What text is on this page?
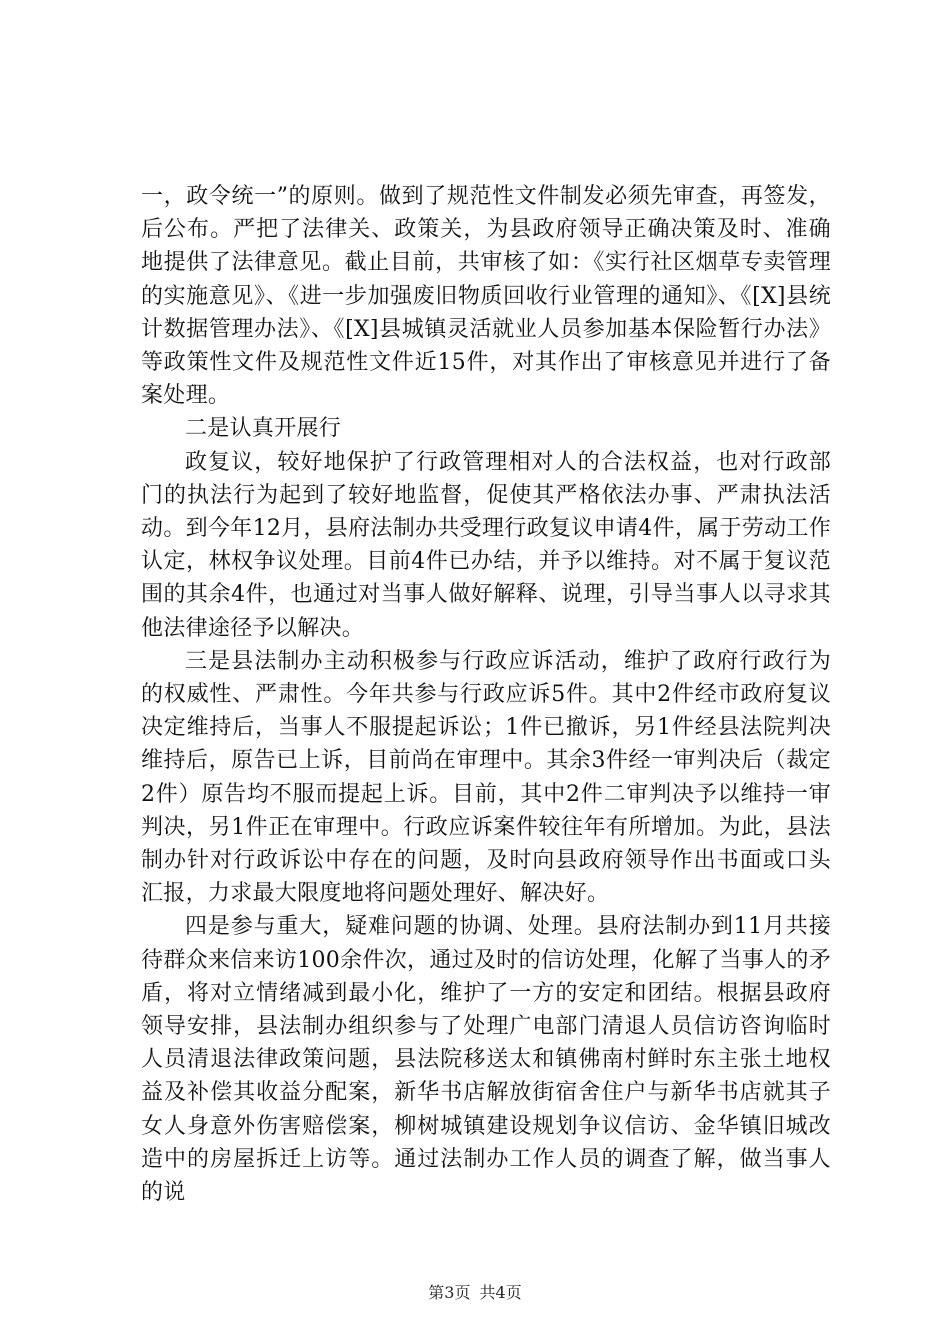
一，政令统一”的原则。做到了规范性文件制发必须先审查，再签发，后公布。严把了法律关、政策关，为县政府领导正确决策及时、准确地提供了法律意见。截止目前，共审核了如：《实行社区烟草专卖管理的实施意见》、《进一步加强废旧物质回收行业管理的通知》、《[X]县统计数据管理办法》、《[X]县城镇灵活就业人员参加基本保险暂行办法》等政策性文件及规范性文件近15件，对其作出了审核意见并进行了备案处理。

二是认真开展行

政复议，较好地保护了行政管理相对人的合法权益，也对行政部门的执法行为起到了较好地监督，促使其严格依法办事、严肃执法活动。到今年12月，县府法制办共受理行政复议申请4件，属于劳动工作认定，林权争议处理。目前4件已办结，并予以维持。对不属于复议范围的其余4件，也通过对当事人做好解释、说理，引导当事人以寻求其他法律途径予以解决。

三是县法制办主动积极参与行政应诉活动，维护了政府行政行为的权威性、严肃性。今年共参与行政应诉5件。其中2件经市政府复议决定维持后，当事人不服提起诉讼；1件已撤诉，另1件经县法院判决维持后，原告已上诉，目前尚在审理中。其余3件经一审判决后（裁定2件）原告均不服而提起上诉。目前，其中2件二审判决予以维持一审判决，另1件正在审理中。行政应诉案件较往年有所增加。为此，县法制办针对行政诉讼中存在的问题，及时向县政府领导作出书面或口头汇报，力求最大限度地将问题处理好、解决好。

四是参与重大，疑难问题的协调、处理。县府法制办到11月共接待群众来信来访100余件次，通过及时的信访处理，化解了当事人的矛盾，将对立情绪减到最小化，维护了一方的安定和团结。根据县政府领导安排，县法制办组织参与了处理广电部门清退人员信访咨询临时人员清退法律政策问题，县法院移送太和镇佛南村鲜时东主张土地权益及补偿其收益分配案，新华书店解放街宿舍住户与新华书店就其子女人身意外伤害赔偿案，柳树城镇建设规划争议信访、金华镇旧城改造中的房屋拆迁上访等。通过法制办工作人员的调查了解，做当事人的说

第3页 共4页
